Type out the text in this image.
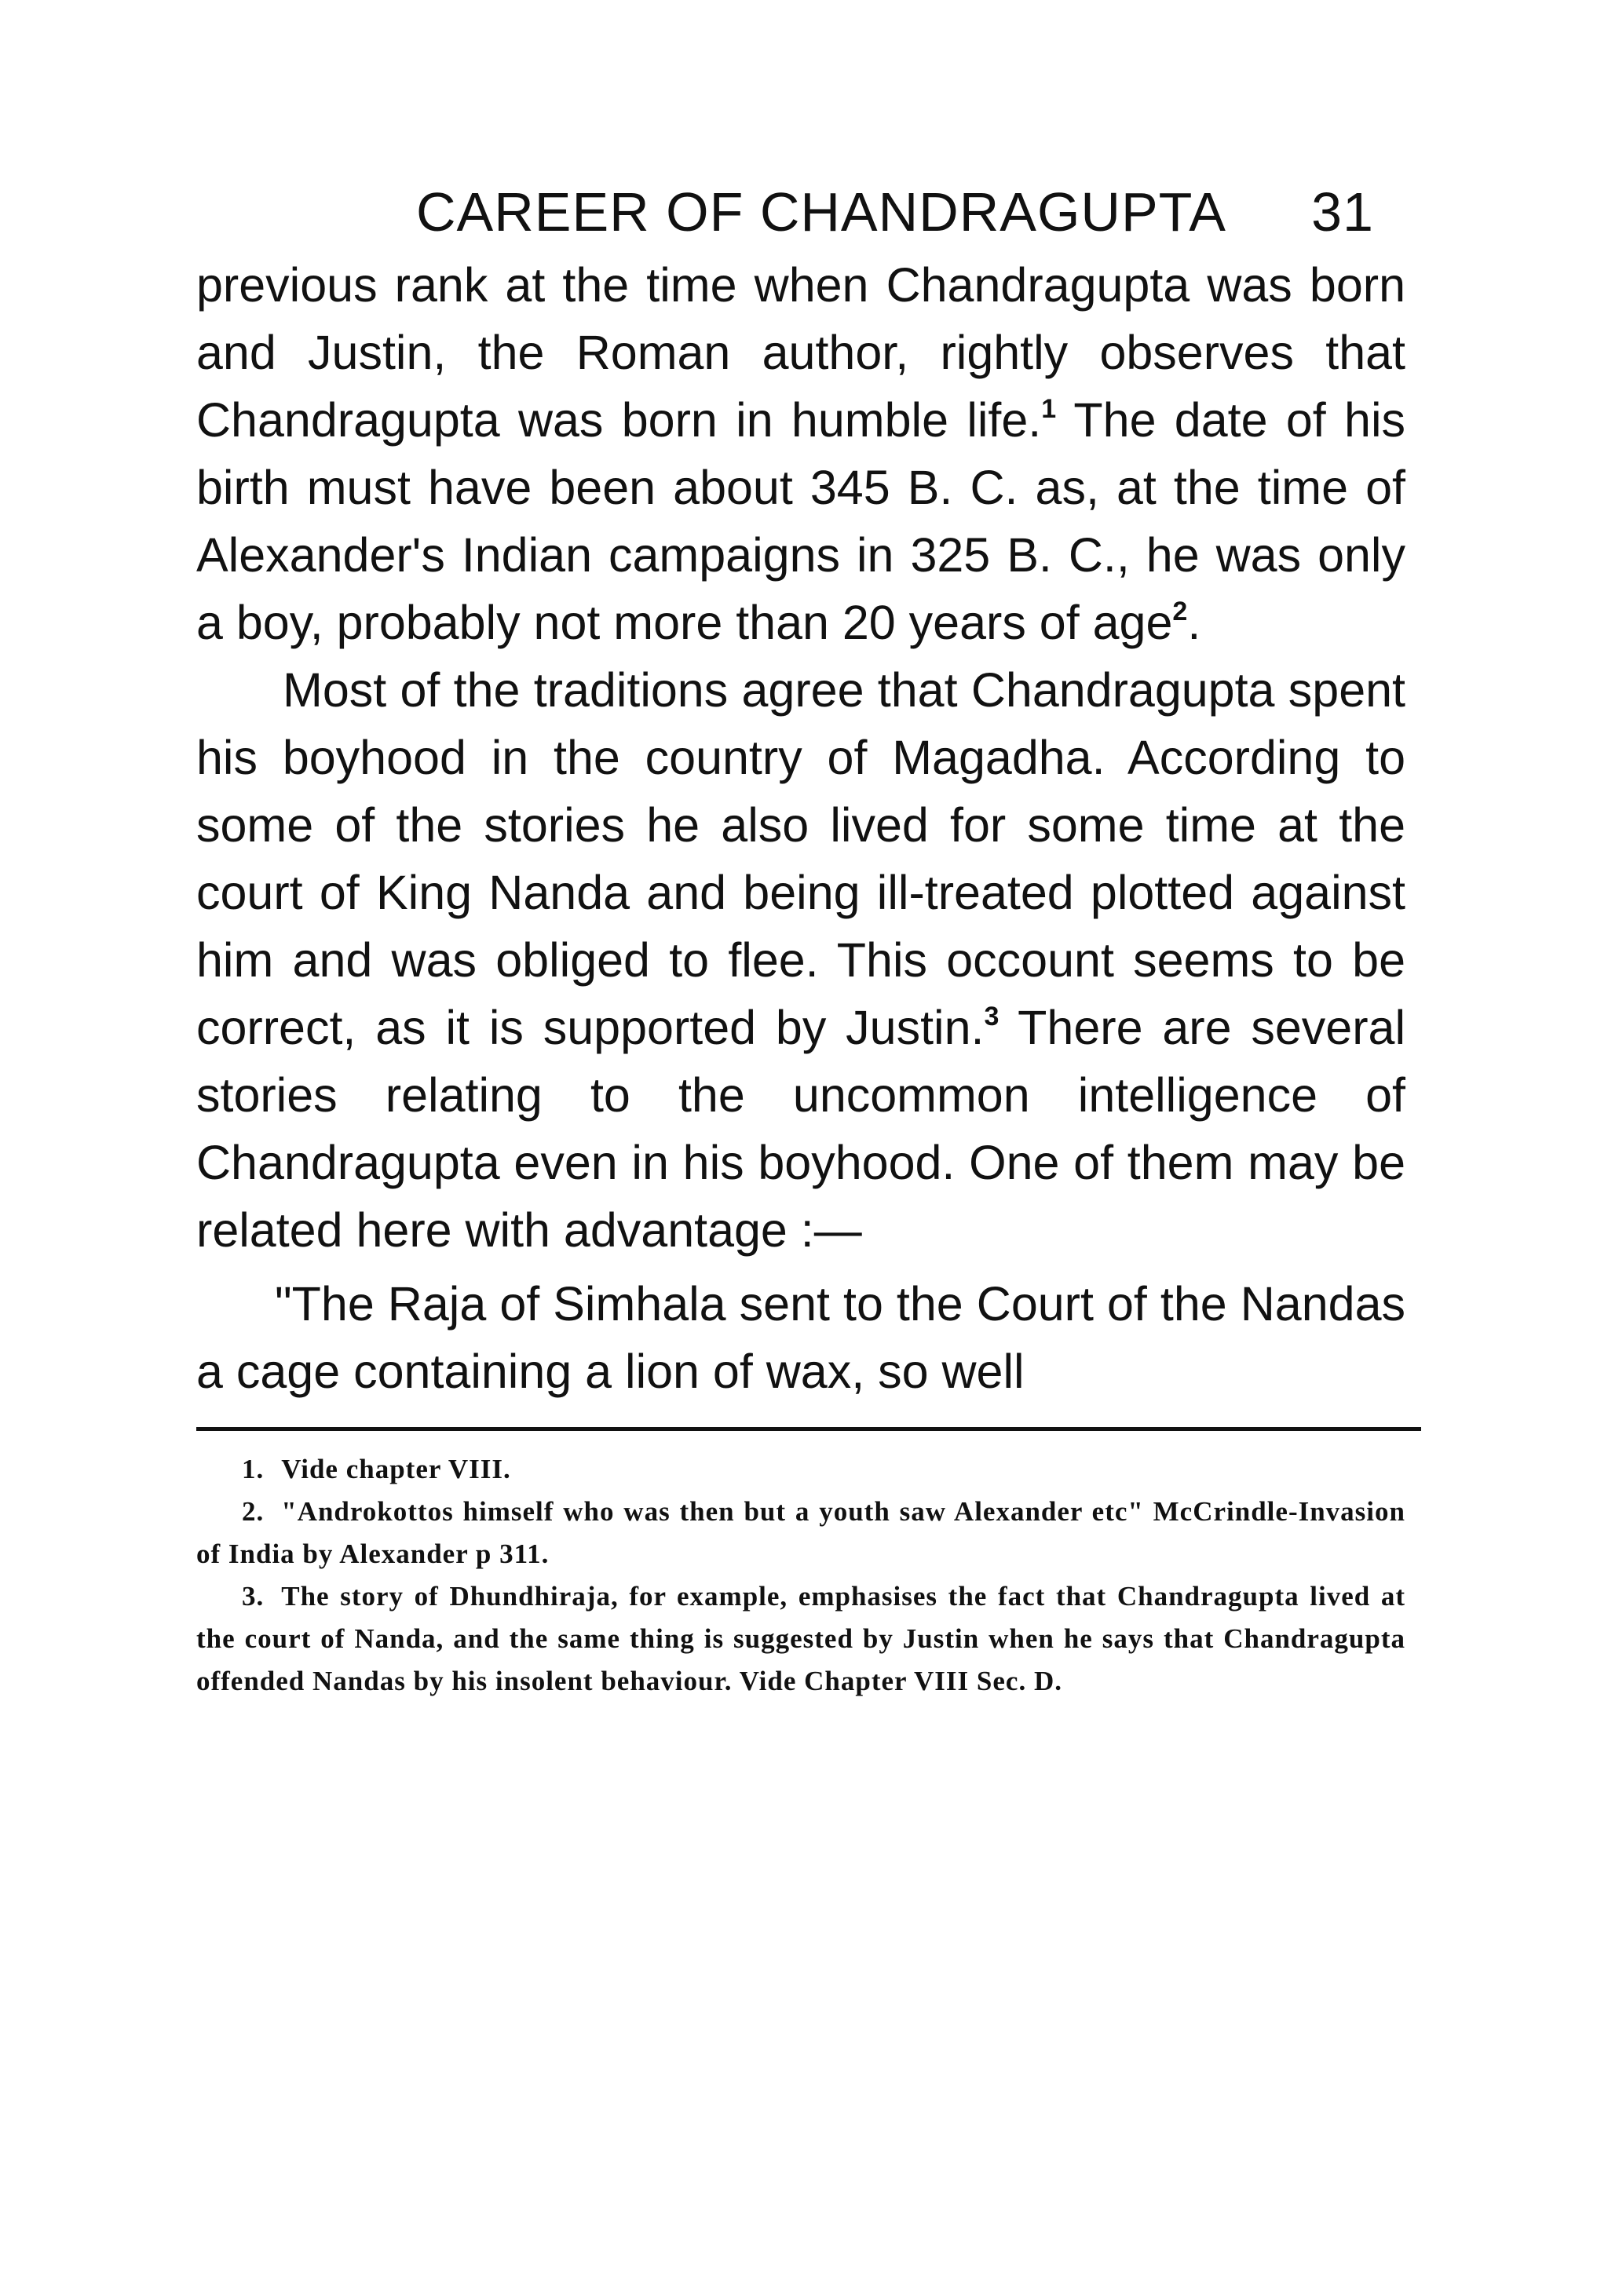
CAREER OF CHANDRAGUPTA 31

previous rank at the time when Chandragupta was born and Justin, the Roman author, rightly observes that Chandragupta was born in humble life.$^1$ The date of his birth must have been about 345 B. C. as, at the time of Alexander's Indian campaigns in 325 B. C., he was only a boy, probably not more than 20 years of age$^2$.

Most of the traditions agree that Chandragupta spent his boyhood in the country of Magadha. According to some of the stories he also lived for some time at the court of King Nanda and being ill-treated plotted against him and was obliged to flee. This occount seems to be correct, as it is supported by Justin.$^3$ There are several stories relating to the uncommon intelligence of Chandragupta even in his boyhood. One of them may be related here with advantage :—

"The Raja of Simhala sent to the Court of the Nandas a cage containing a lion of wax, so well

1. Vide chapter VIII.

2. "Androkottos himself who was then but a youth saw Alexander etc" McCrindle-Invasion of India by Alexander p 311.

3. The story of Dhundhiraja, for example, emphasises the fact that Chandragupta lived at the court of Nanda, and the same thing is suggested by Justin when he says that Chandragupta offended Nandas by his insolent behaviour. Vide Chapter VIII Sec. D.
